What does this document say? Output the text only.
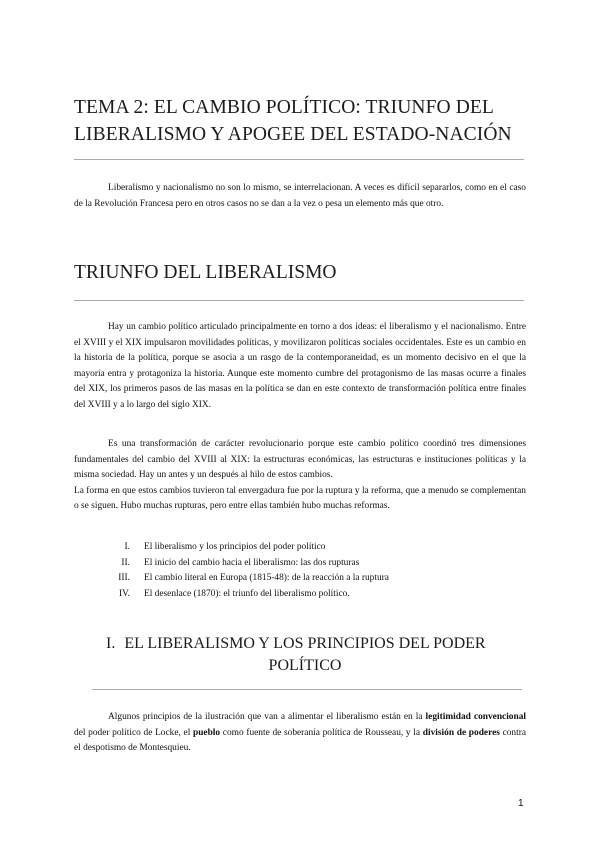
TEMA 2: EL CAMBIO POLÍTICO: TRIUNFO DEL
LIBERALISMO Y APOGEE DEL ESTADO-NACIÓN
Liberalismo y nacionalismo no son lo mismo, se interrelacionan. A veces es difícil separarlos, como en el caso de la Revolución Francesa pero en otros casos no se dan a la vez o pesa un elemento más que otro.
TRIUNFO DEL LIBERALISMO
Hay un cambio político articulado principalmente en torno a dos ideas: el liberalismo y el nacionalismo. Entre el XVIII y el XIX impulsaron movilidades políticas, y movilizaron políticas sociales occidentales. Este es un cambio en la historia de la política, porque se asocia a un rasgo de la contemporaneidad, es un momento decisivo en el que la mayoría entra y protagoniza la historia. Aunque este momento cumbre del protagonismo de las masas ocurre a finales del XIX, los primeros pasos de las masas en la política se dan en este contexto de transformación política entre finales del XVIII y a lo largo del siglo XIX.
Es una transformación de carácter revolucionario porque este cambio político coordinó tres dimensiones fundamentales del cambio del XVIII al XIX: la estructuras económicas, las estructuras e instituciones políticas y la misma sociedad. Hay un antes y un después al hilo de estos cambios.
La forma en que estos cambios tuvieron tal envergadura fue por la ruptura y la reforma, que a menudo se complementan o se siguen. Hubo muchas rupturas, pero entre ellas también hubo muchas reformas.
I.	El liberalismo y los principios del poder político
II.	El inicio del cambio hacia el liberalismo: las dos rupturas
III.	El cambio literal en Europa (1815-48): de la reacción a la ruptura
IV.	El desenlace (1870): el triunfo del liberalismo político.
I. EL LIBERALISMO Y LOS PRINCIPIOS DEL PODER
POLÍTICO
Algunos principios de la ilustración que van a alimentar el liberalismo están en la legitimidad convencional del poder político de Locke, el pueblo como fuente de soberanía política de Rousseau, y la división de poderes contra el despotismo de Montesquieu.
1
